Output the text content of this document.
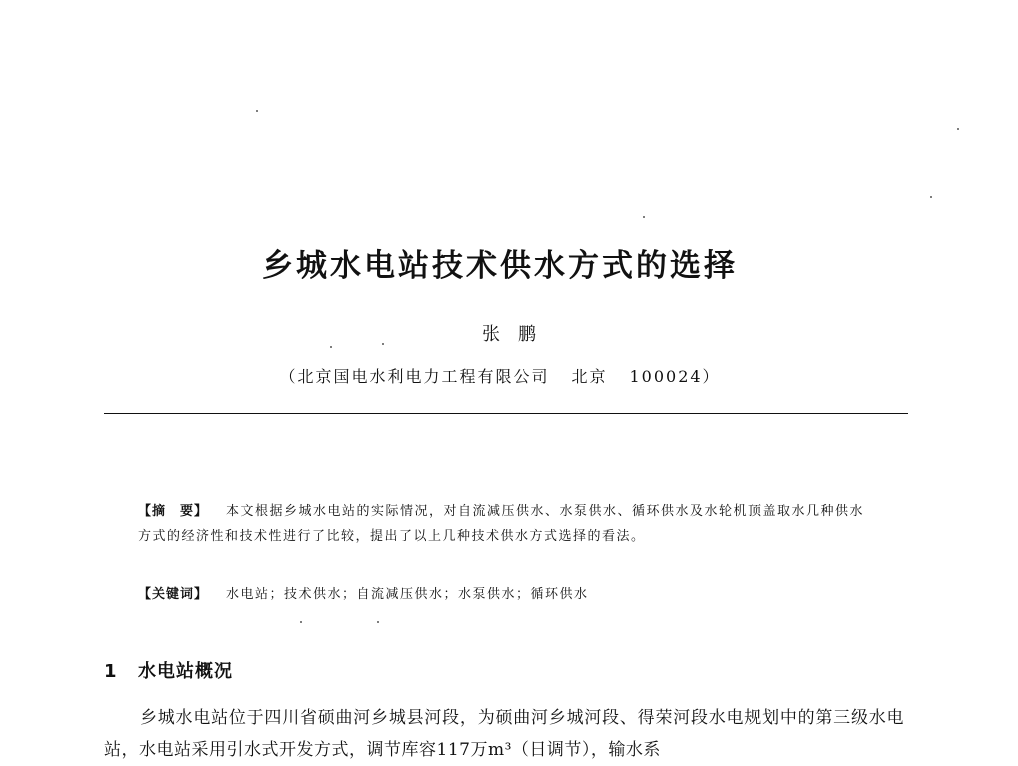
乡城水电站技术供水方式的选择
张鹏
（北京国电水利电力工程有限公司 北京 100024）
【摘　要】 本文根据乡城水电站的实际情况，对自流减压供水、水泵供水、循环供水及水轮机顶盖取水几种供水方式的经济性和技术性进行了比较，提出了以上几种技术供水方式选择的看法。
【关键词】 水电站；技术供水；自流减压供水；水泵供水；循环供水
1 水电站概况
乡城水电站位于四川省硕曲河乡城县河段，为硕曲河乡城河段、得荣河段水电规划中的第三级水电站，水电站采用引水式开发方式，调节库容117万m³（日调节），输水系
